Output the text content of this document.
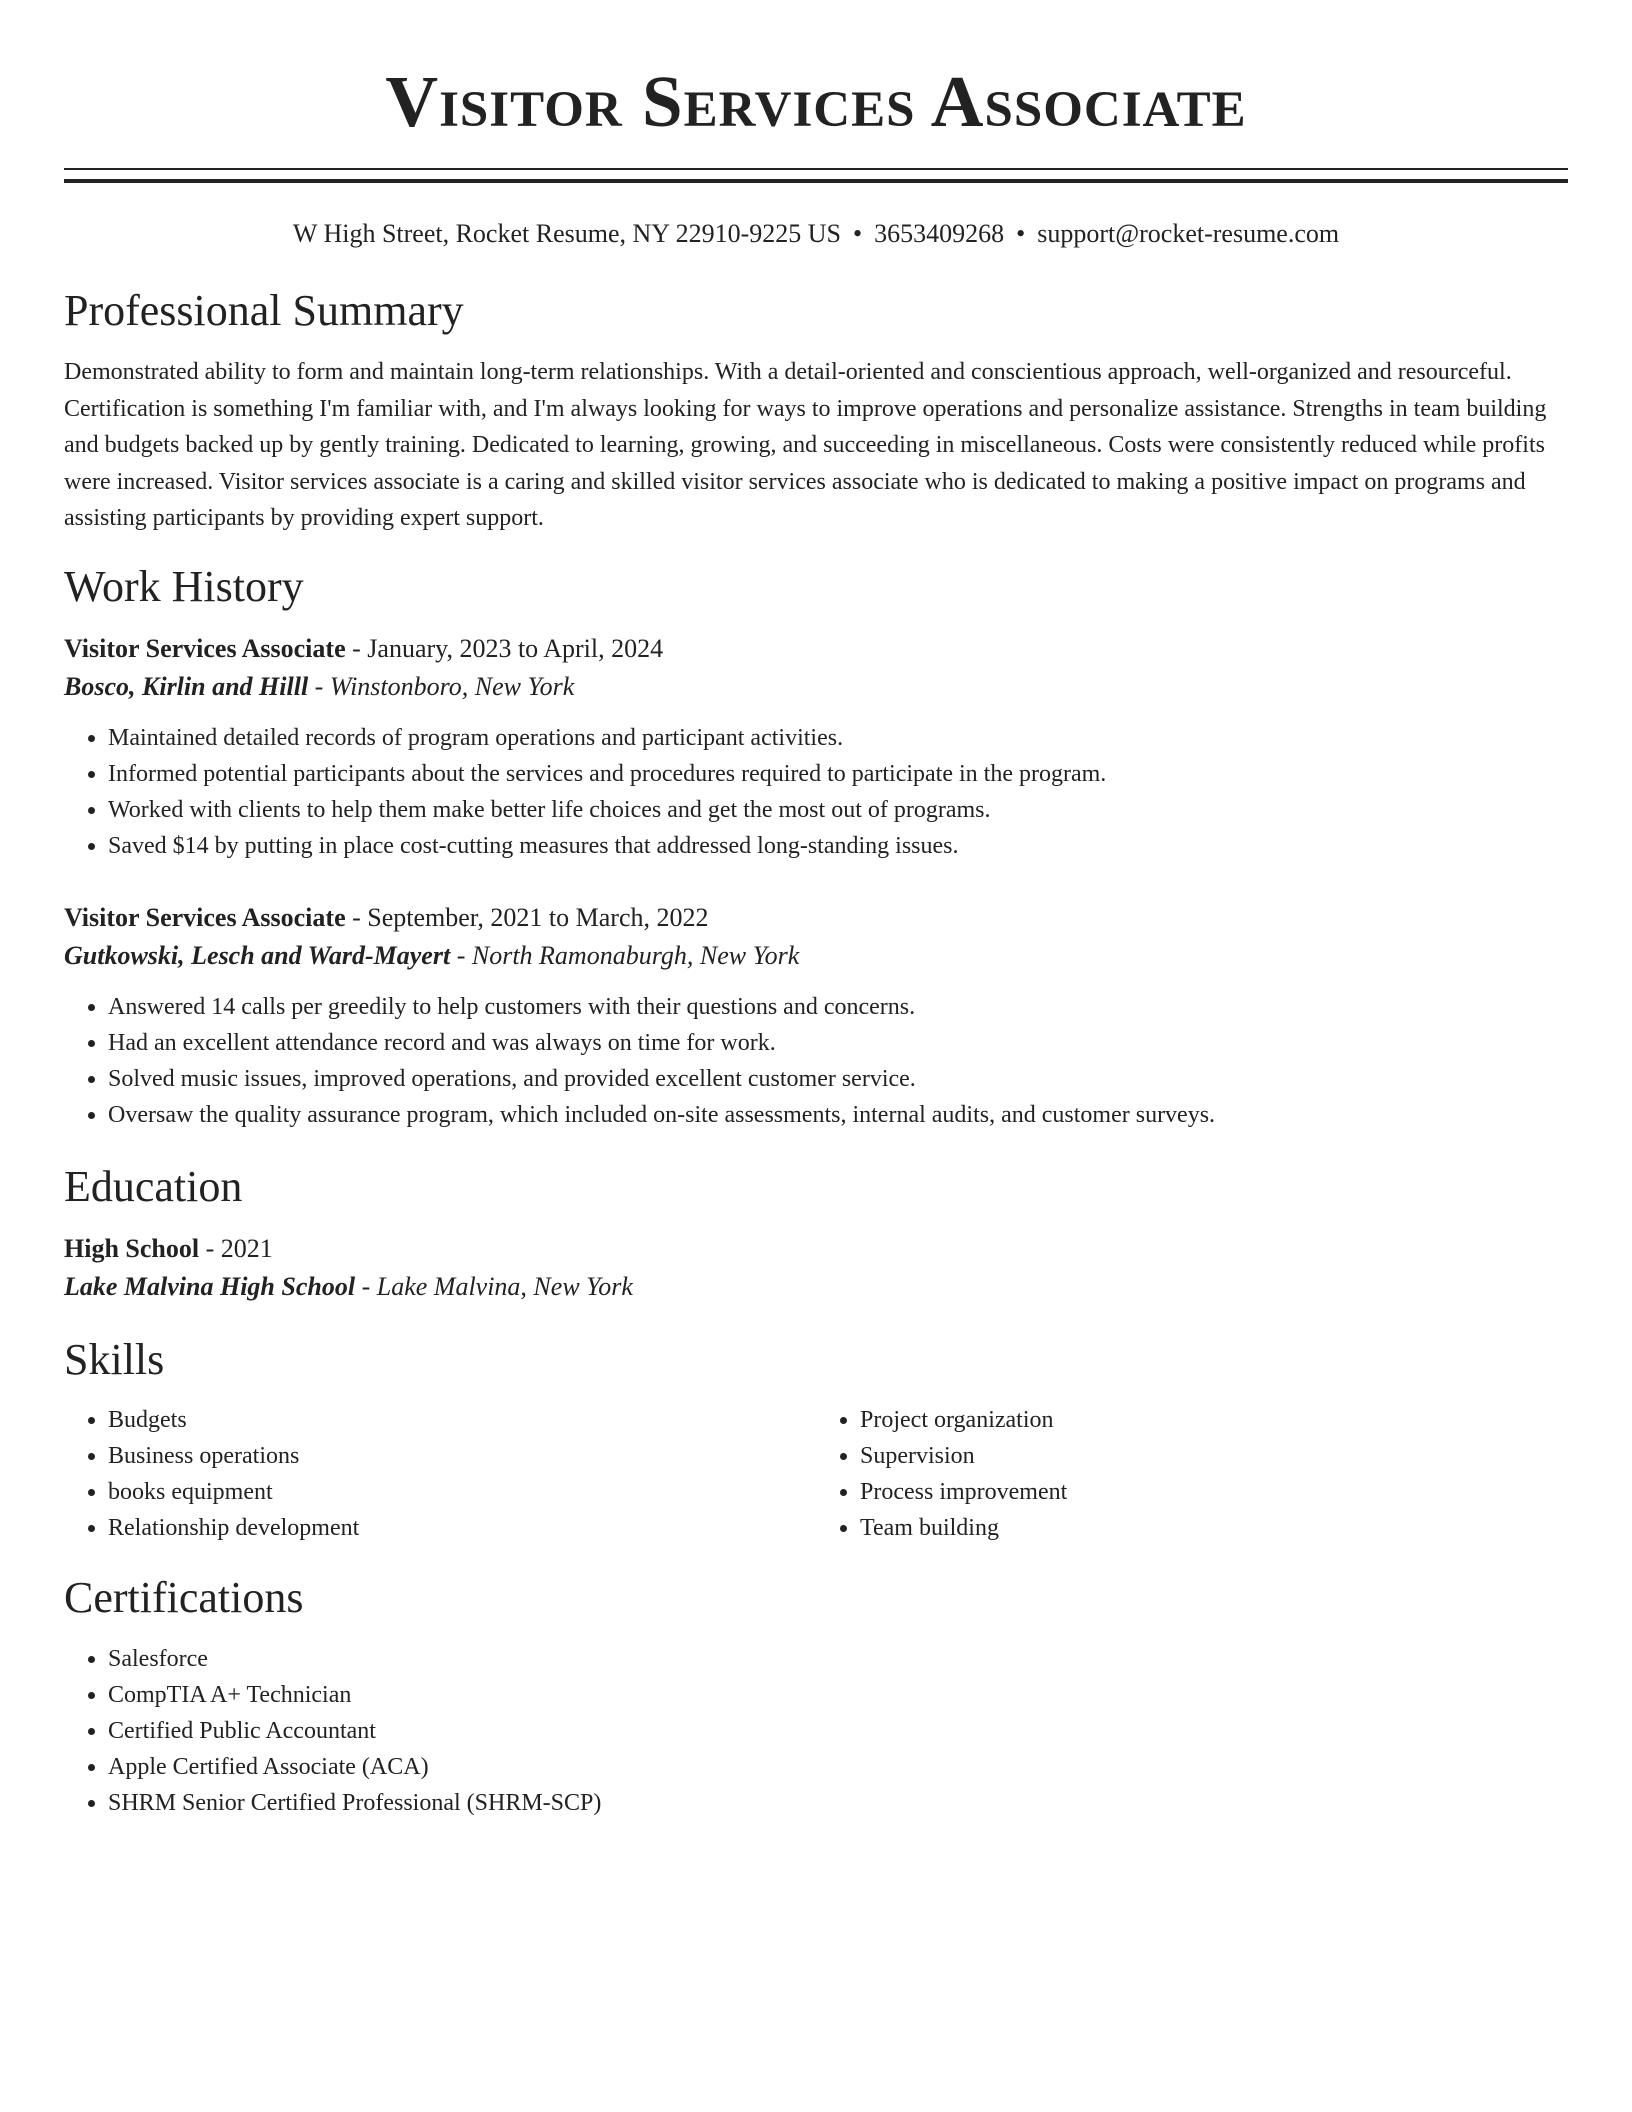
Visitor Services Associate
W High Street, Rocket Resume, NY 22910-9225 US • 3653409268 • support@rocket-resume.com
Professional Summary
Demonstrated ability to form and maintain long-term relationships. With a detail-oriented and conscientious approach, well-organized and resourceful. Certification is something I'm familiar with, and I'm always looking for ways to improve operations and personalize assistance. Strengths in team building and budgets backed up by gently training. Dedicated to learning, growing, and succeeding in miscellaneous. Costs were consistently reduced while profits were increased. Visitor services associate is a caring and skilled visitor services associate who is dedicated to making a positive impact on programs and assisting participants by providing expert support.
Work History
Visitor Services Associate - January, 2023 to April, 2024
Bosco, Kirlin and Hilll - Winstonboro, New York
• Maintained detailed records of program operations and participant activities.
• Informed potential participants about the services and procedures required to participate in the program.
• Worked with clients to help them make better life choices and get the most out of programs.
• Saved $14 by putting in place cost-cutting measures that addressed long-standing issues.
Visitor Services Associate - September, 2021 to March, 2022
Gutkowski, Lesch and Ward-Mayert - North Ramonaburgh, New York
• Answered 14 calls per greedily to help customers with their questions and concerns.
• Had an excellent attendance record and was always on time for work.
• Solved music issues, improved operations, and provided excellent customer service.
• Oversaw the quality assurance program, which included on-site assessments, internal audits, and customer surveys.
Education
High School - 2021
Lake Malvina High School - Lake Malvina, New York
Skills
• Budgets
• Business operations
• books equipment
• Relationship development
• Project organization
• Supervision
• Process improvement
• Team building
Certifications
• Salesforce
• CompTIA A+ Technician
• Certified Public Accountant
• Apple Certified Associate (ACA)
• SHRM Senior Certified Professional (SHRM-SCP)
